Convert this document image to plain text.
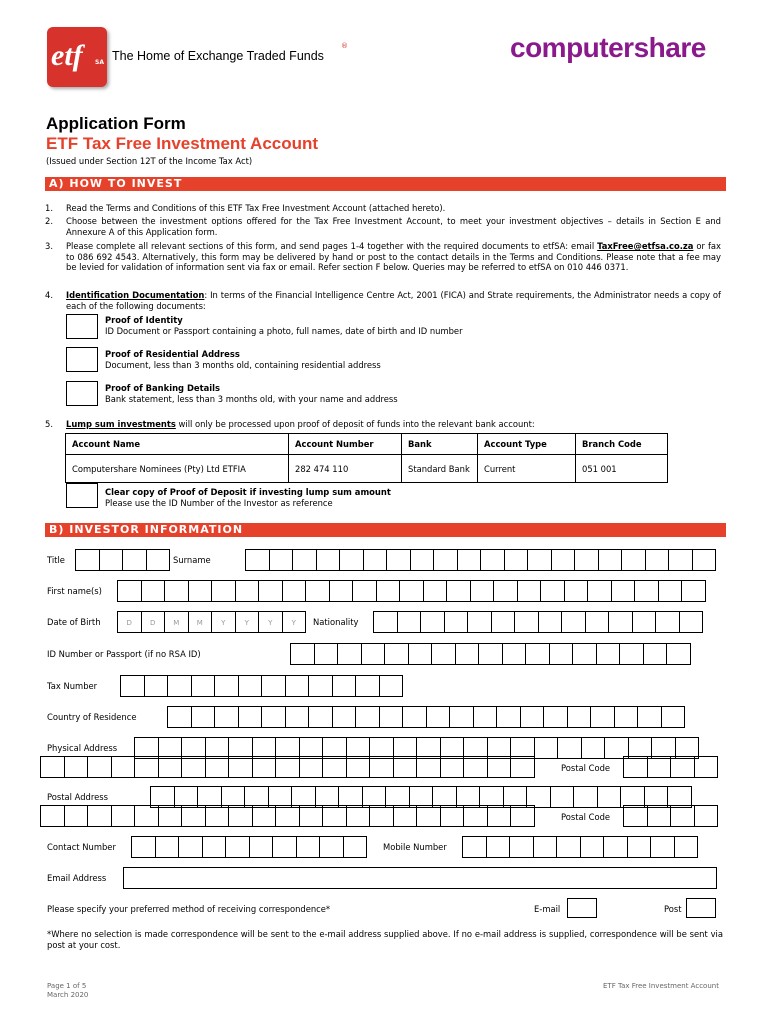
etf SA The Home of Exchange Traded Funds
®	computershare
Application Form
ETF Tax Free Investment Account
(Issued under Section 12T of the Income Tax Act)
A) HOW TO INVEST
1. Read the Terms and Conditions of this ETF Tax Free Investment Account (attached hereto).
2. Choose between the investment options offered for the Tax Free Investment Account, to meet your investment objectives – details in Section E and Annexure A of this Application form.
3. Please complete all relevant sections of this form, and send pages 1-4 together with the required documents to etfSA: email TaxFree@etfsa.co.za or fax to 086 692 4543. Alternatively, this form may be delivered by hand or post to the contact details in the Terms and Conditions. Please note that a fee may be levied for validation of information sent via fax or email. Refer section F below. Queries may be referred to etfSA on 010 446 0371.
4. Identification Documentation: In terms of the Financial Intelligence Centre Act, 2001 (FICA) and Strate requirements, the Administrator needs a copy of each of the following documents:
Proof of Identity
ID Document or Passport containing a photo, full names, date of birth and ID number
Proof of Residential Address
Document, less than 3 months old, containing residential address
Proof of Banking Details
Bank statement, less than 3 months old, with your name and address
5. Lump sum investments will only be processed upon proof of deposit of funds into the relevant bank account:
Account Name	Account Number	Bank	Account Type	Branch Code
Computershare Nominees (Pty) Ltd ETFIA	282 474 110	Standard Bank	Current	051 001
Clear copy of Proof of Deposit if investing lump sum amount
Please use the ID Number of the Investor as reference
B) INVESTOR INFORMATION
Title	Surname
First name(s)
Date of Birth	D	D	M	M	Y	Y	Y	Y	Nationality
ID Number or Passport (if no RSA ID)
Tax Number
Country of Residence
Physical Address
Postal Code
Postal Address
Postal Code
Contact Number	Mobile Number
Email Address
Please specify your preferred method of receiving correspondence*	E-mail	Post
*Where no selection is made correspondence will be sent to the e-mail address supplied above. If no e-mail address is supplied, correspondence will be sent via post at your cost.
Page 1 of 5
March 2020
ETF Tax Free Investment Account
